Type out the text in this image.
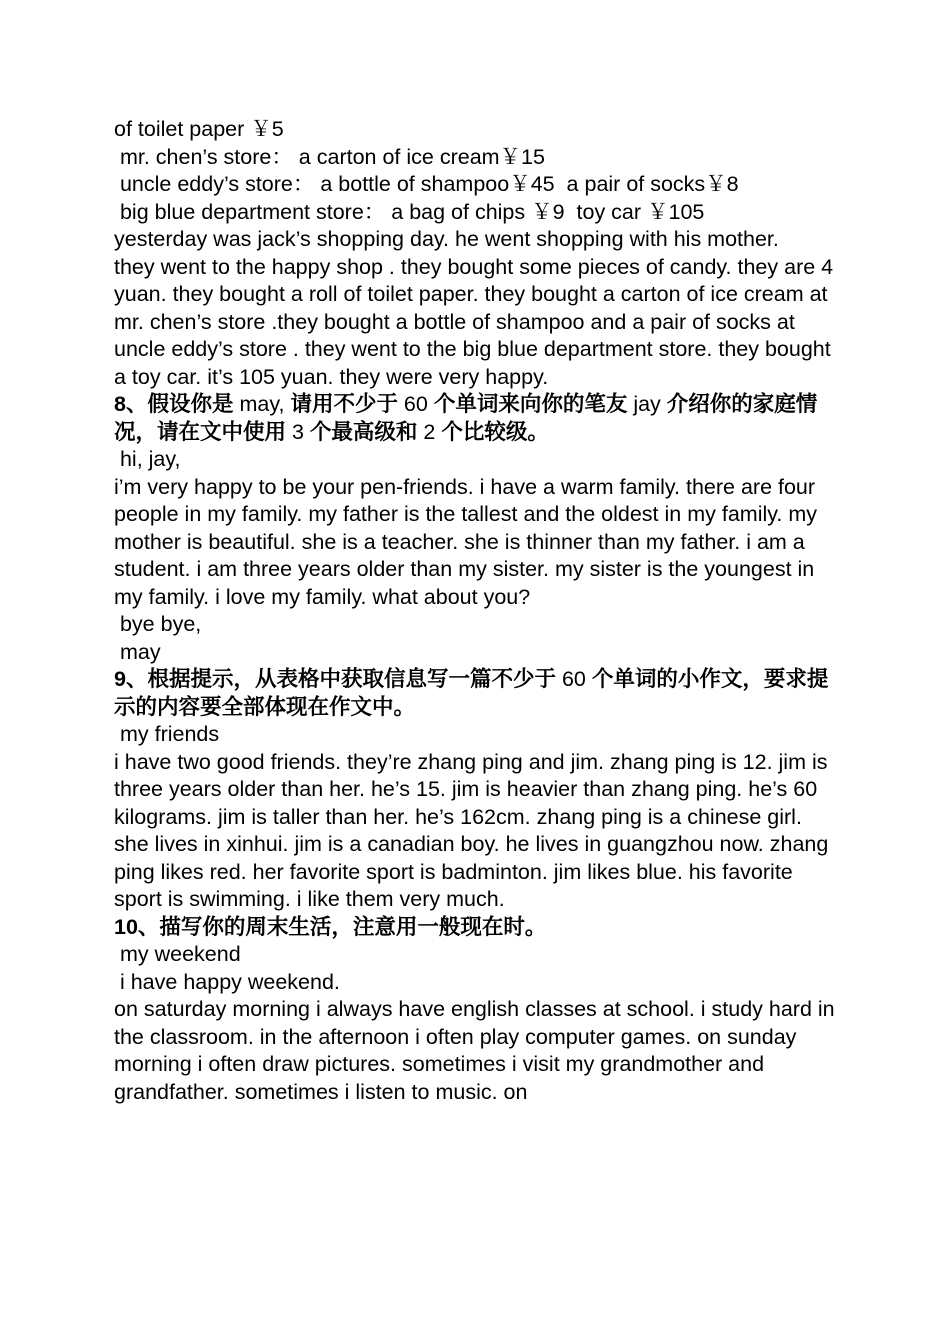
of toilet paper ￥5

mr. chen’s store： a carton of ice cream￥15

uncle eddy’s store： a bottle of shampoo￥45  a pair of socks￥8

big blue department store： a bag of chips ￥9  toy car ￥105

yesterday was jack’s shopping day. he went shopping with his mother.

they went to the happy shop . they bought some pieces of candy. they are 4 yuan. they bought a roll of toilet paper. they bought a carton of ice cream at mr. chen’s store .they bought a bottle of shampoo and a pair of socks at uncle eddy’s store . they went to the big blue department store. they bought a toy car. it’s 105 yuan. they were very happy.

8、假设你是 may, 请用不少于 60 个单词来向你的笔友 jay 介绍你的家庭情况，请在文中使用 3 个最高级和 2 个比较级。

hi, jay,

i’m very happy to be your pen-friends. i have a warm family. there are four people in my family. my father is the tallest and the oldest in my family. my mother is beautiful. she is a teacher. she is thinner than my father. i am a student. i am three years older than my sister. my sister is the youngest in my family. i love my family. what about you?

bye bye,

may

9、根据提示，从表格中获取信息写一篇不少于 60 个单词的小作文，要求提示的内容要全部体现在作文中。

my friends

i have two good friends. they’re zhang ping and jim. zhang ping is 12. jim is three years older than her. he’s 15. jim is heavier than zhang ping. he’s 60 kilograms. jim is taller than her. he’s 162cm. zhang ping is a chinese girl. she lives in xinhui. jim is a canadian boy. he lives in guangzhou now. zhang ping likes red. her favorite sport is badminton. jim likes blue. his favorite sport is swimming. i like them very much.

10、描写你的周末生活，注意用一般现在时。

my weekend

i have happy weekend.

on saturday morning i always have english classes at school. i study hard in the classroom. in the afternoon i often play computer games. on sunday morning i often draw pictures. sometimes i visit my grandmother and grandfather. sometimes i listen to music. on
